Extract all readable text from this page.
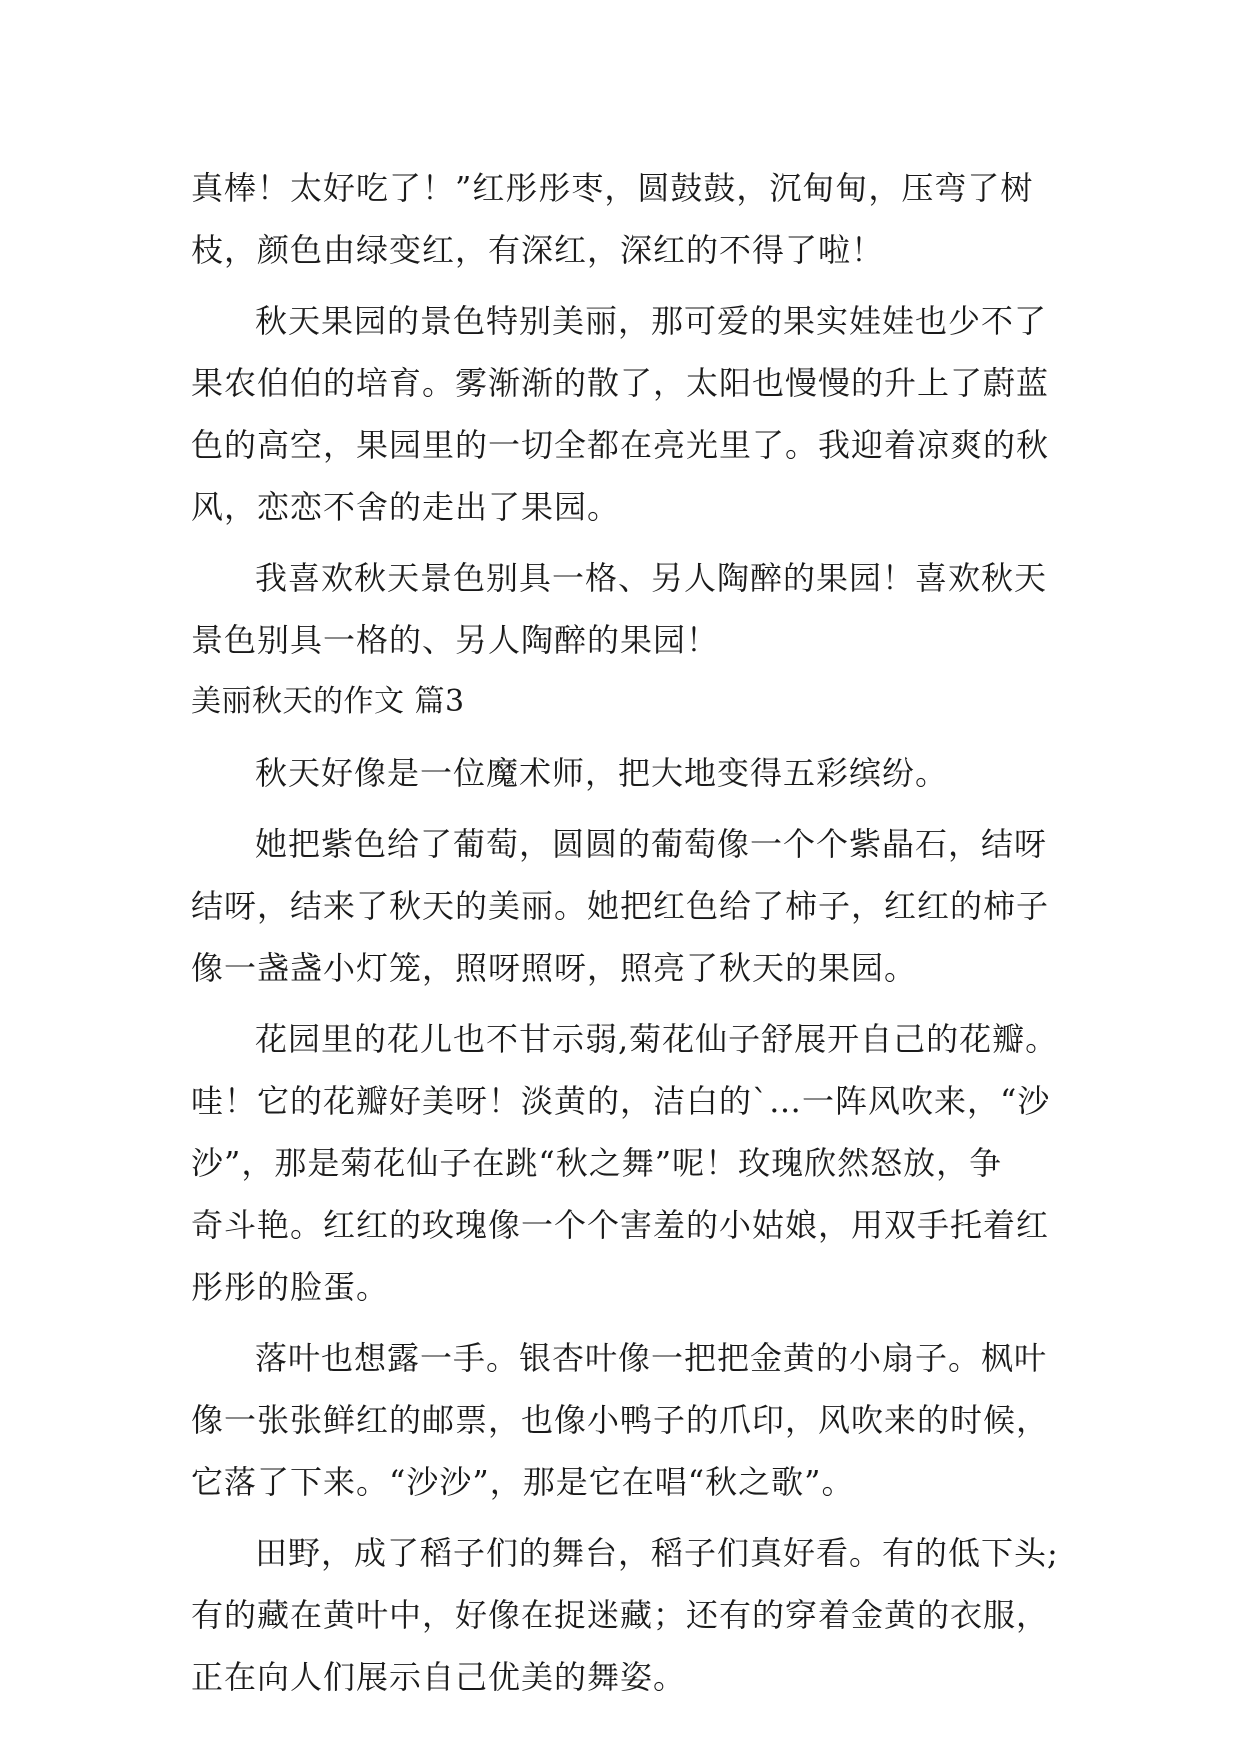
真棒！太好吃了！”红彤彤枣，圆鼓鼓，沉甸甸，压弯了树
枝，颜色由绿变红，有深红，深红的不得了啦！
秋天果园的景色特别美丽，那可爱的果实娃娃也少不了
果农伯伯的培育。雾渐渐的散了，太阳也慢慢的升上了蔚蓝
色的高空，果园里的一切全都在亮光里了。我迎着凉爽的秋
风，恋恋不舍的走出了果园。
我喜欢秋天景色别具一格、另人陶醉的果园！喜欢秋天
景色别具一格的、另人陶醉的果园！
美丽秋天的作文 篇3
秋天好像是一位魔术师，把大地变得五彩缤纷。
她把紫色给了葡萄，圆圆的葡萄像一个个紫晶石，结呀
结呀，结来了秋天的美丽。她把红色给了柿子，红红的柿子
像一盏盏小灯笼，照呀照呀，照亮了秋天的果园。
花园里的花儿也不甘示弱,菊花仙子舒展开自己的花瓣。
哇！它的花瓣好美呀！淡黄的，洁白的`…一阵风吹来，“沙
沙”，那是菊花仙子在跳“秋之舞”呢！玫瑰欣然怒放，争
奇斗艳。红红的玫瑰像一个个害羞的小姑娘，用双手托着红
彤彤的脸蛋。
落叶也想露一手。银杏叶像一把把金黄的小扇子。枫叶
像一张张鲜红的邮票，也像小鸭子的爪印，风吹来的时候，
它落了下来。“沙沙”，那是它在唱“秋之歌”。
田野，成了稻子们的舞台，稻子们真好看。有的低下头;
有的藏在黄叶中，好像在捉迷藏；还有的穿着金黄的衣服，
正在向人们展示自己优美的舞姿。
